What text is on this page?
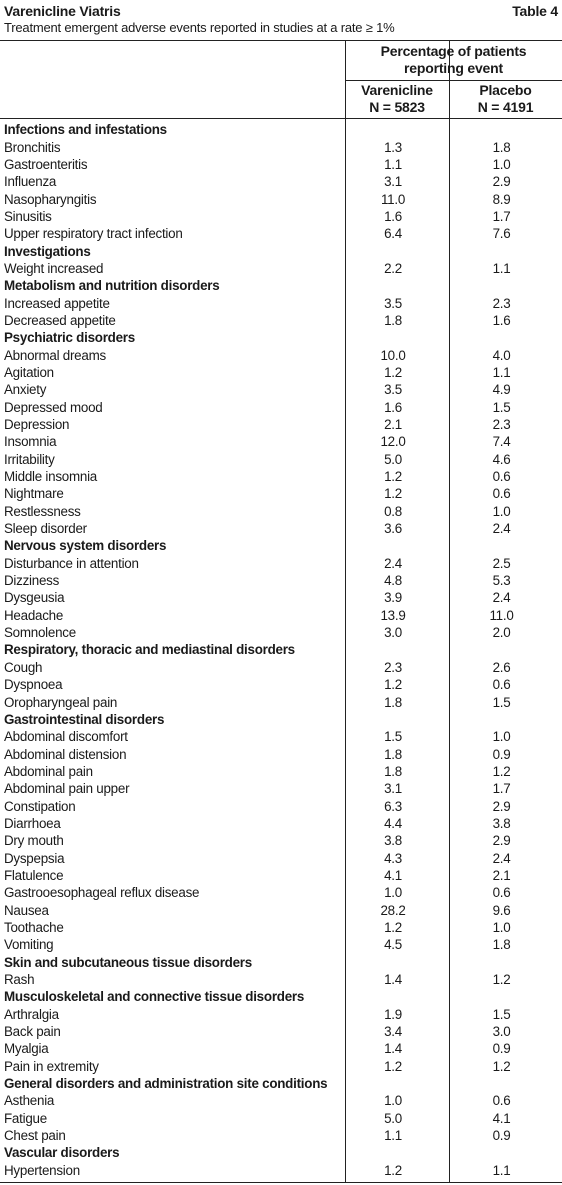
Varenicline Viatris	Table 4
Treatment emergent adverse events reported in studies at a rate ≥ 1%
Percentage of patients
reporting event
Varenicline
N = 5823
Placebo
N = 4191
Infections and infestations
Bronchitis	1.3	1.8
Gastroenteritis	1.1	1.0
Influenza	3.1	2.9
Nasopharyngitis	11.0	8.9
Sinusitis	1.6	1.7
Upper respiratory tract infection	6.4	7.6
Investigations
Weight increased	2.2	1.1
Metabolism and nutrition disorders
Increased appetite	3.5	2.3
Decreased appetite	1.8	1.6
Psychiatric disorders
Abnormal dreams	10.0	4.0
Agitation	1.2	1.1
Anxiety	3.5	4.9
Depressed mood	1.6	1.5
Depression	2.1	2.3
Insomnia	12.0	7.4
Irritability	5.0	4.6
Middle insomnia	1.2	0.6
Nightmare	1.2	0.6
Restlessness	0.8	1.0
Sleep disorder	3.6	2.4
Nervous system disorders
Disturbance in attention	2.4	2.5
Dizziness	4.8	5.3
Dysgeusia	3.9	2.4
Headache	13.9	11.0
Somnolence	3.0	2.0
Respiratory, thoracic and mediastinal disorders
Cough	2.3	2.6
Dyspnoea	1.2	0.6
Oropharyngeal pain	1.8	1.5
Gastrointestinal disorders
Abdominal discomfort	1.5	1.0
Abdominal distension	1.8	0.9
Abdominal pain	1.8	1.2
Abdominal pain upper	3.1	1.7
Constipation	6.3	2.9
Diarrhoea	4.4	3.8
Dry mouth	3.8	2.9
Dyspepsia	4.3	2.4
Flatulence	4.1	2.1
Gastrooesophageal reflux disease	1.0	0.6
Nausea	28.2	9.6
Toothache	1.2	1.0
Vomiting	4.5	1.8
Skin and subcutaneous tissue disorders
Rash	1.4	1.2
Musculoskeletal and connective tissue disorders
Arthralgia	1.9	1.5
Back pain	3.4	3.0
Myalgia	1.4	0.9
Pain in extremity	1.2	1.2
General disorders and administration site conditions
Asthenia	1.0	0.6
Fatigue	5.0	4.1
Chest pain	1.1	0.9
Vascular disorders
Hypertension	1.2	1.1
